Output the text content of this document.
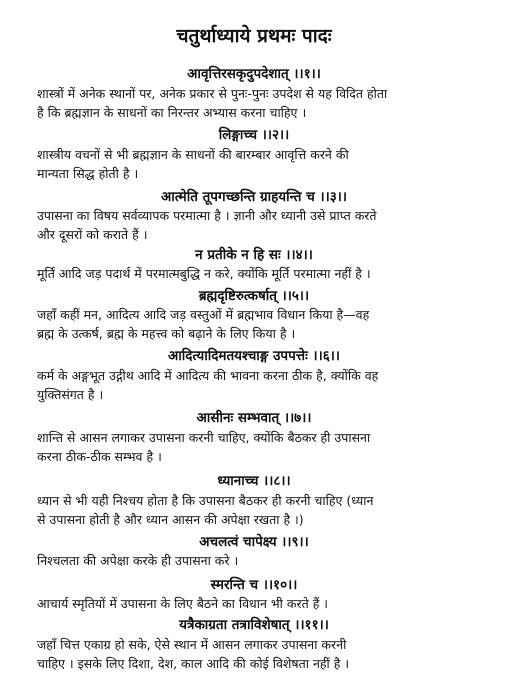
चतुर्थाध्याये प्रथमः पादः
आवृत्तिरसकृदुपदेशात् ।।१।।
शास्त्रों में अनेक स्थानों पर, अनेक प्रकार से पुनः-पुनः उपदेश से यह विदित होता
है कि ब्रह्मज्ञान के साधनों का निरन्तर अभ्यास करना चाहिए ।
लिङ्गाच्च ।।२।।
शास्त्रीय वचनों से भी ब्रह्मज्ञान के साधनों की बारम्बार आवृत्ति करने की
मान्यता सिद्ध होती है ।
आत्मेति तूपगच्छन्ति ग्राहयन्ति च ।।३।।
उपासना का विषय सर्वव्यापक परमात्मा है । ज्ञानी और ध्यानी उसे प्राप्त करते
और दूसरों को कराते हैं ।
न प्रतीके न हि सः ।।४।।
मूर्ति आदि जड़ पदार्थ में परमात्मबुद्धि न करे, क्योंकि मूर्ति परमात्मा नहीं है ।
ब्रह्मदृष्टिरुत्कर्षात् ।।५।।
जहाँ कहीं मन, आदित्य आदि जड़ वस्तुओं में ब्रह्मभाव विधान किया है—वह
ब्रह्म के उत्कर्ष, ब्रह्म के महत्त्व को बढ़ाने के लिए किया है ।
आदित्यादिमतयश्चाङ्ग उपपत्तेः ।।६।।
कर्म के अङ्गभूत उद्गीथ आदि में आदित्य की भावना करना ठीक है, क्योंकि वह
युक्तिसंगत है ।
आसीनः सम्भवात् ।।७।।
शान्ति से आसन लगाकर उपासना करनी चाहिए, क्योंकि बैठकर ही उपासना
करना ठीक-ठीक सम्भव है ।
ध्यानाच्च ।।८।।
ध्यान से भी यही निश्चय होता है कि उपासना बैठकर ही करनी चाहिए (ध्यान
से उपासना होती है और ध्यान आसन की अपेक्षा रखता है ।)
अचलत्वं चापेक्ष्य ।।९।।
निश्चलता की अपेक्षा करके ही उपासना करे ।
स्मरन्ति च ।।१०।।
आचार्य स्मृतियों में उपासना के लिए बैठने का विधान भी करते हैं ।
यत्रैकाग्रता तत्राविशेषात् ।।११।।
जहाँ चित्त एकाग्र हो सके, ऐसे स्थान में आसन लगाकर उपासना करनी
चाहिए । इसके लिए दिशा, देश, काल आदि की कोई विशेषता नहीं है ।
